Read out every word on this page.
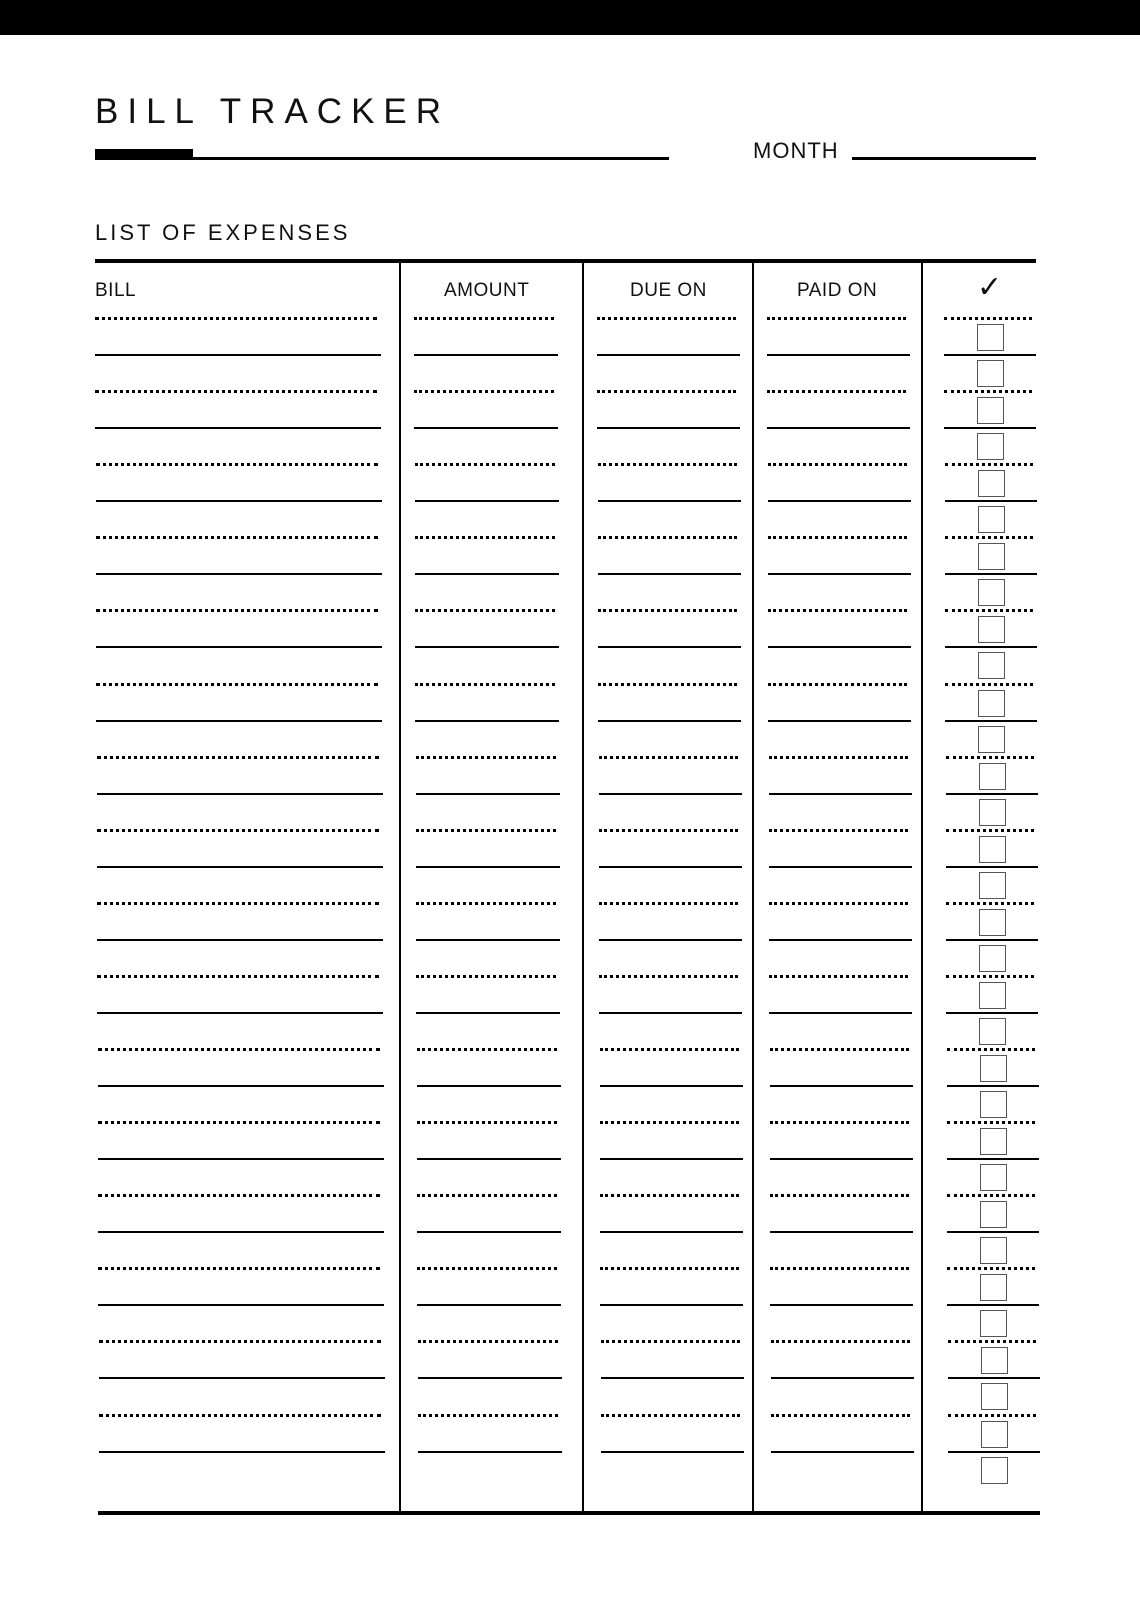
BILL TRACKER
MONTH
LIST OF EXPENSES
BILL	AMOUNT	DUE ON	PAID ON	✓
